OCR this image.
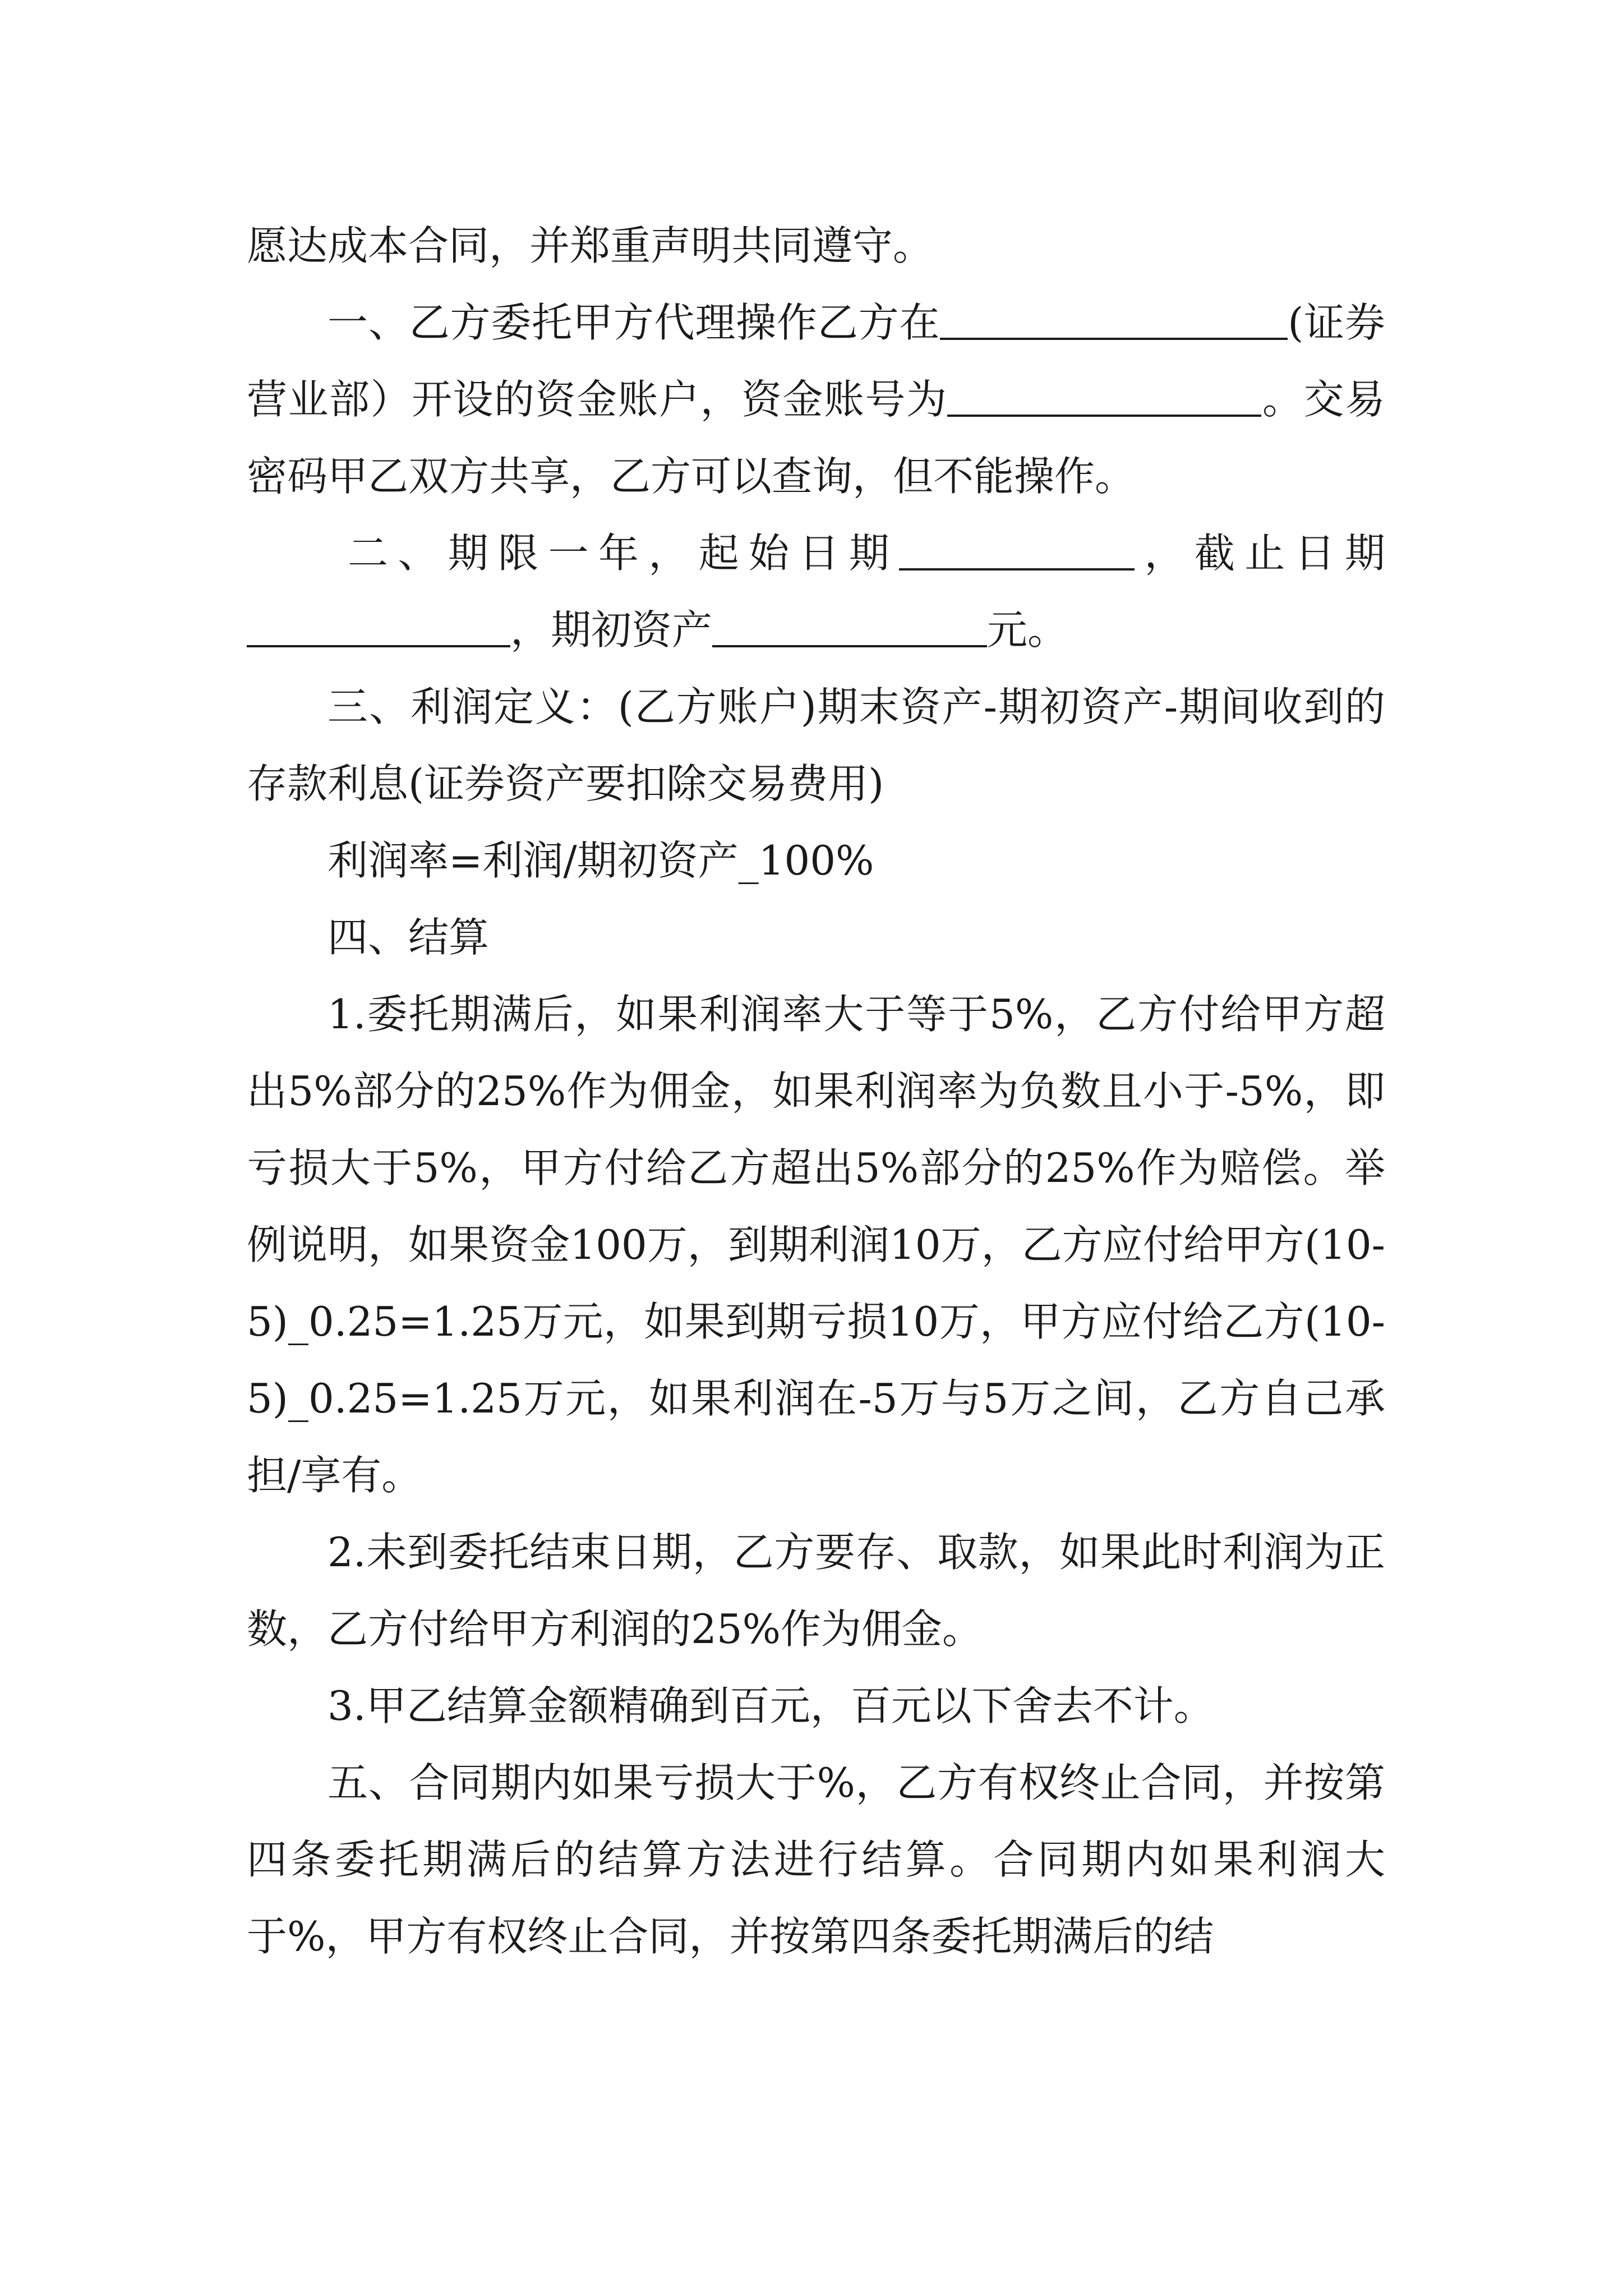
愿达成本合同，并郑重声明共同遵守。

一、乙方委托甲方代理操作乙方在	(证券营业部）开设的资金账户，资金账号为	。交易密码甲乙双方共享，乙方可以查询，但不能操作。

二、期限一年，起始日期	，截止日期，期初资产	元。

三、利润定义：(乙方账户)期末资产-期初资产-期间收到的存款利息(证券资产要扣除交易费用)

利润率=利润/期初资产_100%

四、结算

1.委托期满后，如果利润率大于等于5%，乙方付给甲方超出5%部分的25%作为佣金，如果利润率为负数且小于-5%，即亏损大于5%，甲方付给乙方超出5%部分的25%作为赔偿。举例说明，如果资金100万，到期利润10万，乙方应付给甲方(10-5)_0.25=1.25万元，如果到期亏损10万，甲方应付给乙方(10-5)_0.25=1.25万元，如果利润在-5万与5万之间，乙方自己承担/享有。

2.未到委托结束日期，乙方要存、取款，如果此时利润为正数，乙方付给甲方利润的25%作为佣金。

3.甲乙结算金额精确到百元，百元以下舍去不计。

五、合同期内如果亏损大于%，乙方有权终止合同，并按第四条委托期满后的结算方法进行结算。合同期内如果利润大于%，甲方有权终止合同，并按第四条委托期满后的结
